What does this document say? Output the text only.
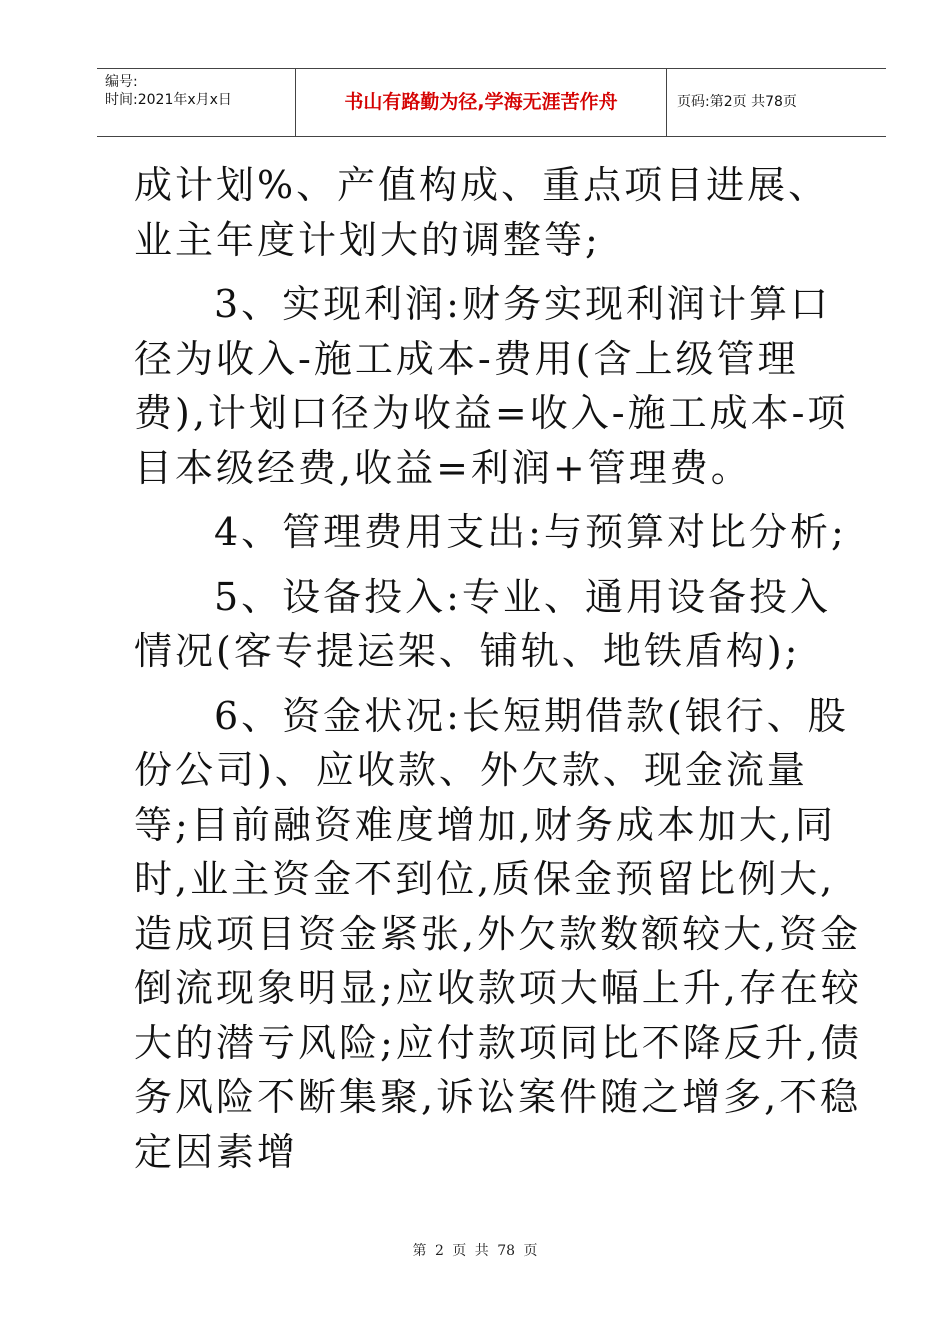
编号:
时间:2021年x月x日	书山有路勤为径,学海无涯苦作舟	页码:第2页 共78页

成计划%、产值构成、重点项目进展、业主年度计划大的调整等;

3、实现利润:财务实现利润计算口径为收入-施工成本-费用(含上级管理费),计划口径为收益=收入-施工成本-项目本级经费,收益=利润+管理费。

4、管理费用支出:与预算对比分析;

5、设备投入:专业、通用设备投入情况(客专提运架、铺轨、地铁盾构);

6、资金状况:长短期借款(银行、股份公司)、应收款、外欠款、现金流量等;目前融资难度增加,财务成本加大,同时,业主资金不到位,质保金预留比例大,造成项目资金紧张,外欠款数额较大,资金倒流现象明显;应收款项大幅上升,存在较大的潜亏风险;应付款项同比不降反升,债务风险不断集聚,诉讼案件随之增多,不稳定因素增

第 2 页 共 78 页
